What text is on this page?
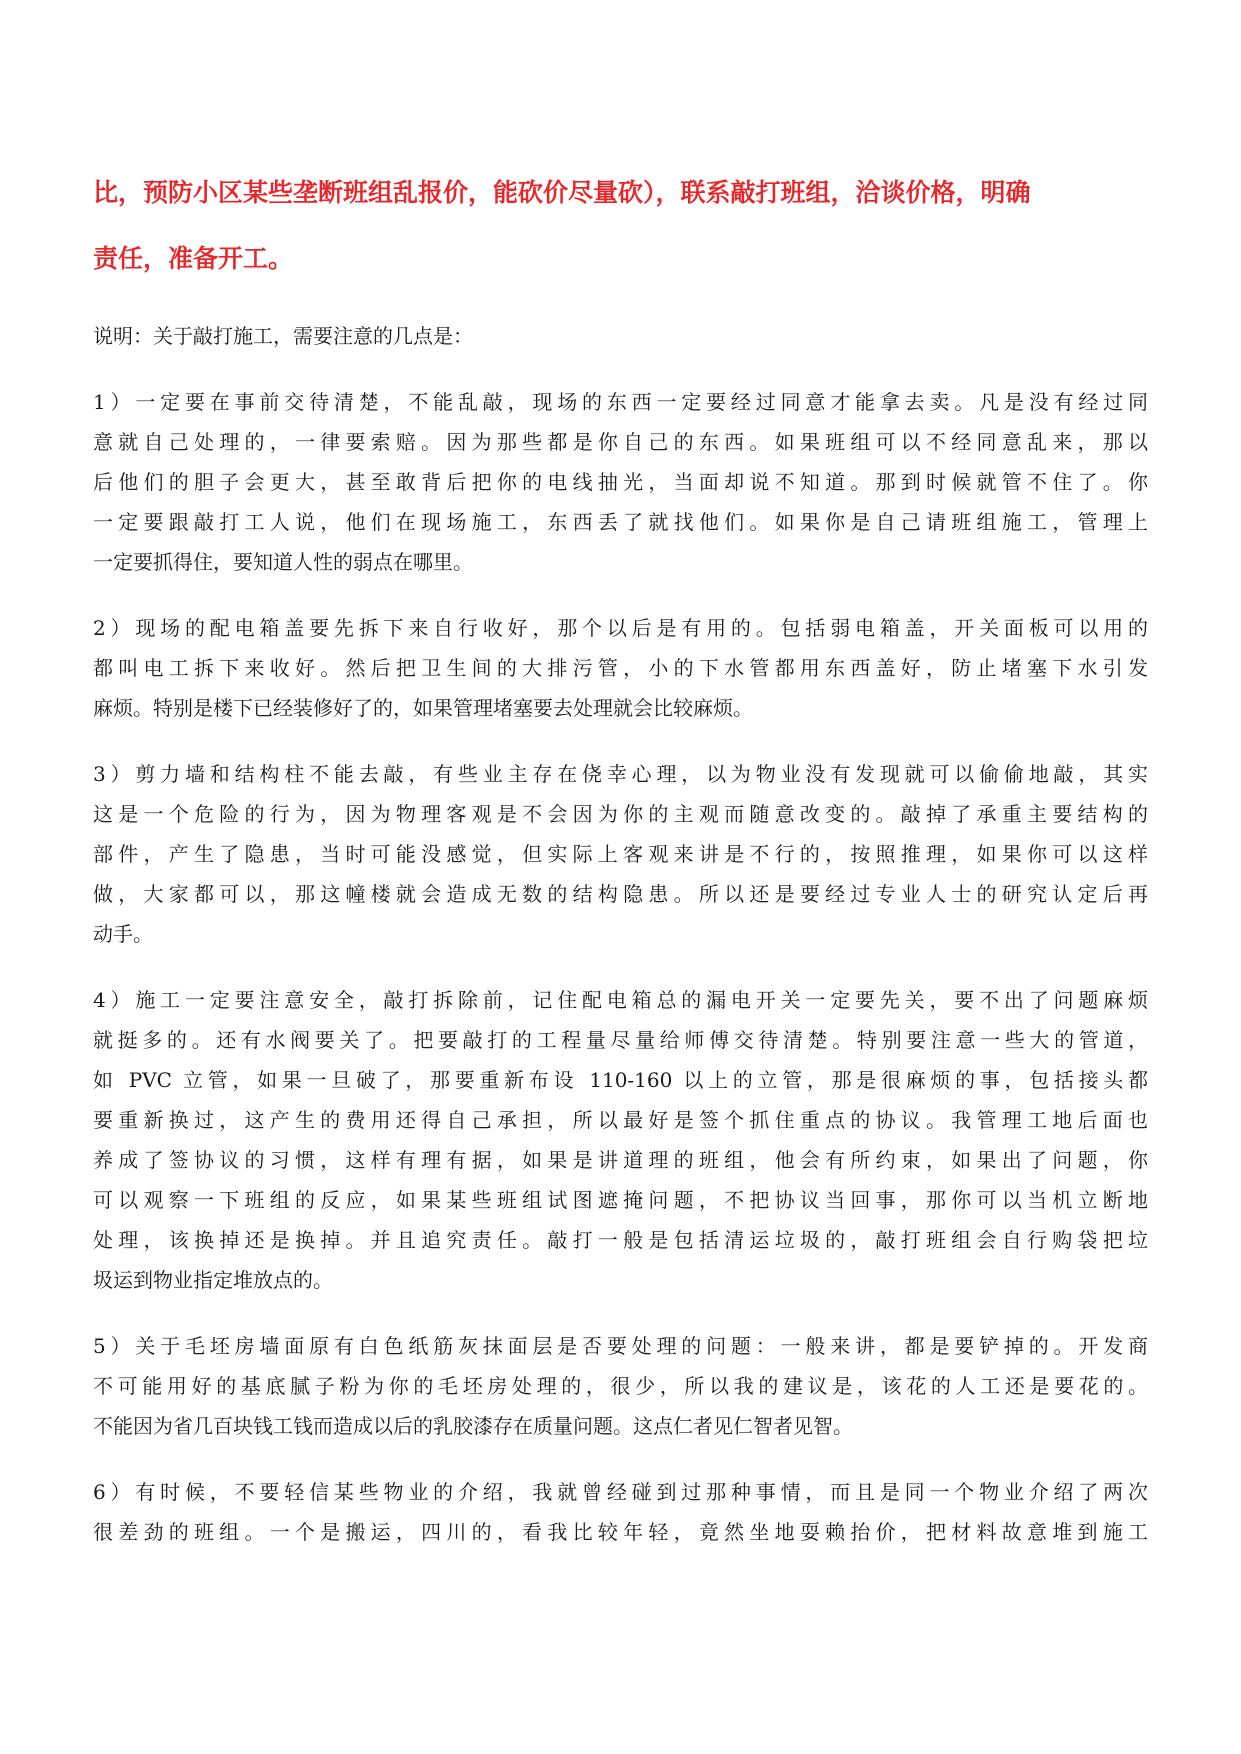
比，预防小区某些垄断班组乱报价，能砍价尽量砍），联系敲打班组，洽谈价格，明确

责任，准备开工。

说明：关于敲打施工，需要注意的几点是：

1）一定要在事前交待清楚，不能乱敲，现场的东西一定要经过同意才能拿去卖。凡是没有经过同
意就自己处理的，一律要索赔。因为那些都是你自己的东西。如果班组可以不经同意乱来，那以
后他们的胆子会更大，甚至敢背后把你的电线抽光，当面却说不知道。那到时候就管不住了。你
一定要跟敲打工人说，他们在现场施工，东西丢了就找他们。如果你是自己请班组施工，管理上
一定要抓得住，要知道人性的弱点在哪里。
2）现场的配电箱盖要先拆下来自行收好，那个以后是有用的。包括弱电箱盖，开关面板可以用的
都叫电工拆下来收好。然后把卫生间的大排污管，小的下水管都用东西盖好，防止堵塞下水引发
麻烦。特别是楼下已经装修好了的，如果管理堵塞要去处理就会比较麻烦。
3）剪力墙和结构柱不能去敲，有些业主存在侥幸心理，以为物业没有发现就可以偷偷地敲，其实
这是一个危险的行为，因为物理客观是不会因为你的主观而随意改变的。敲掉了承重主要结构的
部件，产生了隐患，当时可能没感觉，但实际上客观来讲是不行的，按照推理，如果你可以这样
做，大家都可以，那这幢楼就会造成无数的结构隐患。所以还是要经过专业人士的研究认定后再
动手。
4）施工一定要注意安全，敲打拆除前，记住配电箱总的漏电开关一定要先关，要不出了问题麻烦
就挺多的。还有水阀要关了。把要敲打的工程量尽量给师傅交待清楚。特别要注意一些大的管道，
如 PVC 立管，如果一旦破了，那要重新布设 110-160 以上的立管，那是很麻烦的事，包括接头都
要重新换过，这产生的费用还得自己承担，所以最好是签个抓住重点的协议。我管理工地后面也
养成了签协议的习惯，这样有理有据，如果是讲道理的班组，他会有所约束，如果出了问题，你
可以观察一下班组的反应，如果某些班组试图遮掩问题，不把协议当回事，那你可以当机立断地
处理，该换掉还是换掉。并且追究责任。敲打一般是包括清运垃圾的，敲打班组会自行购袋把垃
圾运到物业指定堆放点的。
5）关于毛坯房墙面原有白色纸筋灰抹面层是否要处理的问题：一般来讲，都是要铲掉的。开发商
不可能用好的基底腻子粉为你的毛坯房处理的，很少，所以我的建议是，该花的人工还是要花的。
不能因为省几百块钱工钱而造成以后的乳胶漆存在质量问题。这点仁者见仁智者见智。
6）有时候，不要轻信某些物业的介绍，我就曾经碰到过那种事情，而且是同一个物业介绍了两次
很差劲的班组。一个是搬运，四川的，看我比较年轻，竟然坐地耍赖抬价，把材料故意堆到施工
